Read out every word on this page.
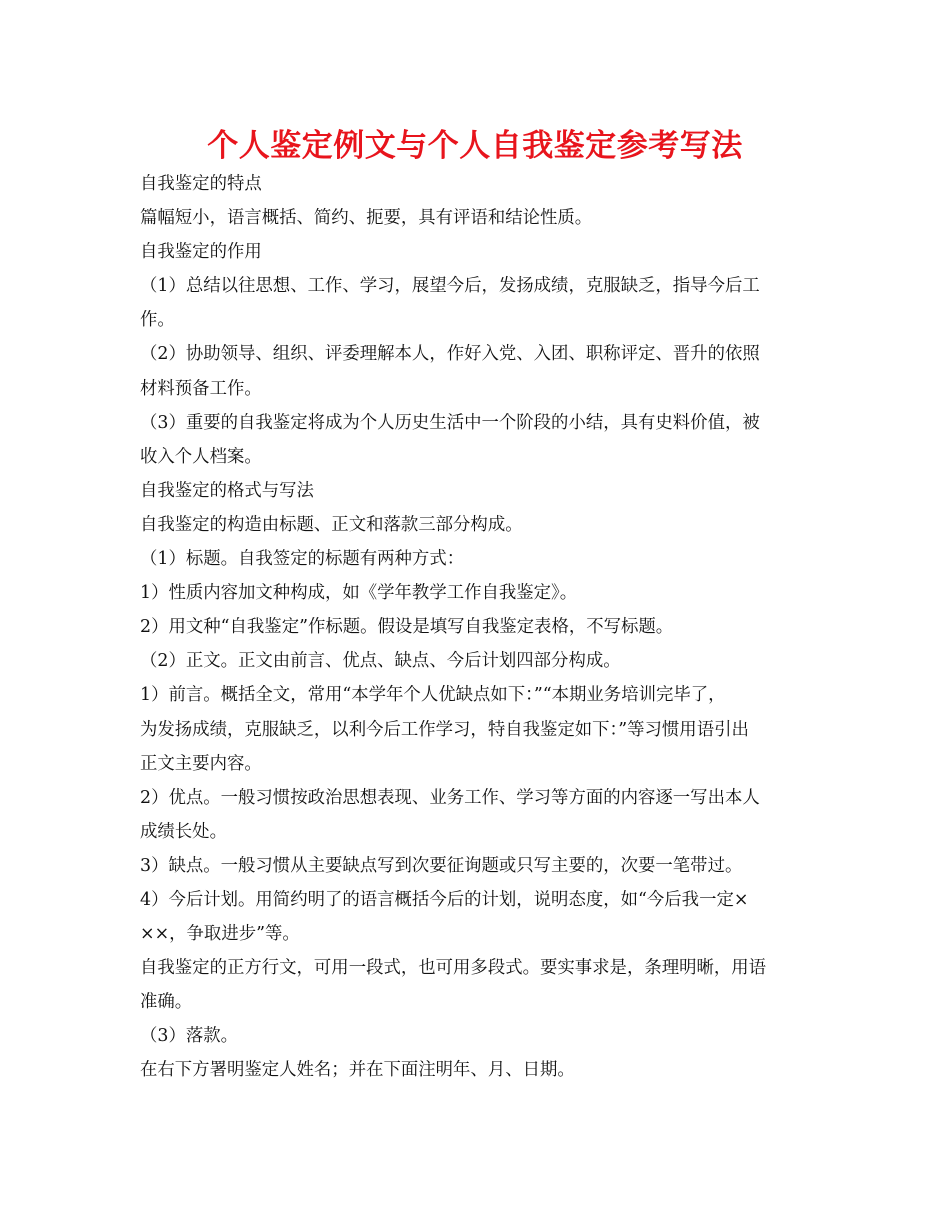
个人鉴定例文与个人自我鉴定参考写法
自我鉴定的特点
篇幅短小，语言概括、简约、扼要，具有评语和结论性质。
自我鉴定的作用
（1）总结以往思想、工作、学习，展望今后，发扬成绩，克服缺乏，指导今后工
作。
（2）协助领导、组织、评委理解本人，作好入党、入团、职称评定、晋升的依照
材料预备工作。
（3）重要的自我鉴定将成为个人历史生活中一个阶段的小结，具有史料价值，被
收入个人档案。
自我鉴定的格式与写法
自我鉴定的构造由标题、正文和落款三部分构成。
（1）标题。自我签定的标题有两种方式：
1）性质内容加文种构成，如《学年教学工作自我鉴定》。
2）用文种“自我鉴定”作标题。假设是填写自我鉴定表格，不写标题。
（2）正文。正文由前言、优点、缺点、今后计划四部分构成。
1）前言。概括全文，常用“本学年个人优缺点如下：”“本期业务培训完毕了，
为发扬成绩，克服缺乏，以利今后工作学习，特自我鉴定如下：”等习惯用语引出
正文主要内容。
2）优点。一般习惯按政治思想表现、业务工作、学习等方面的内容逐一写出本人
成绩长处。
3）缺点。一般习惯从主要缺点写到次要征询题或只写主要的，次要一笔带过。
4）今后计划。用简约明了的语言概括今后的计划，说明态度，如“今后我一定×
××，争取进步”等。
自我鉴定的正方行文，可用一段式，也可用多段式。要实事求是，条理明晰，用语
准确。
（3）落款。
在右下方署明鉴定人姓名；并在下面注明年、月、日期。
